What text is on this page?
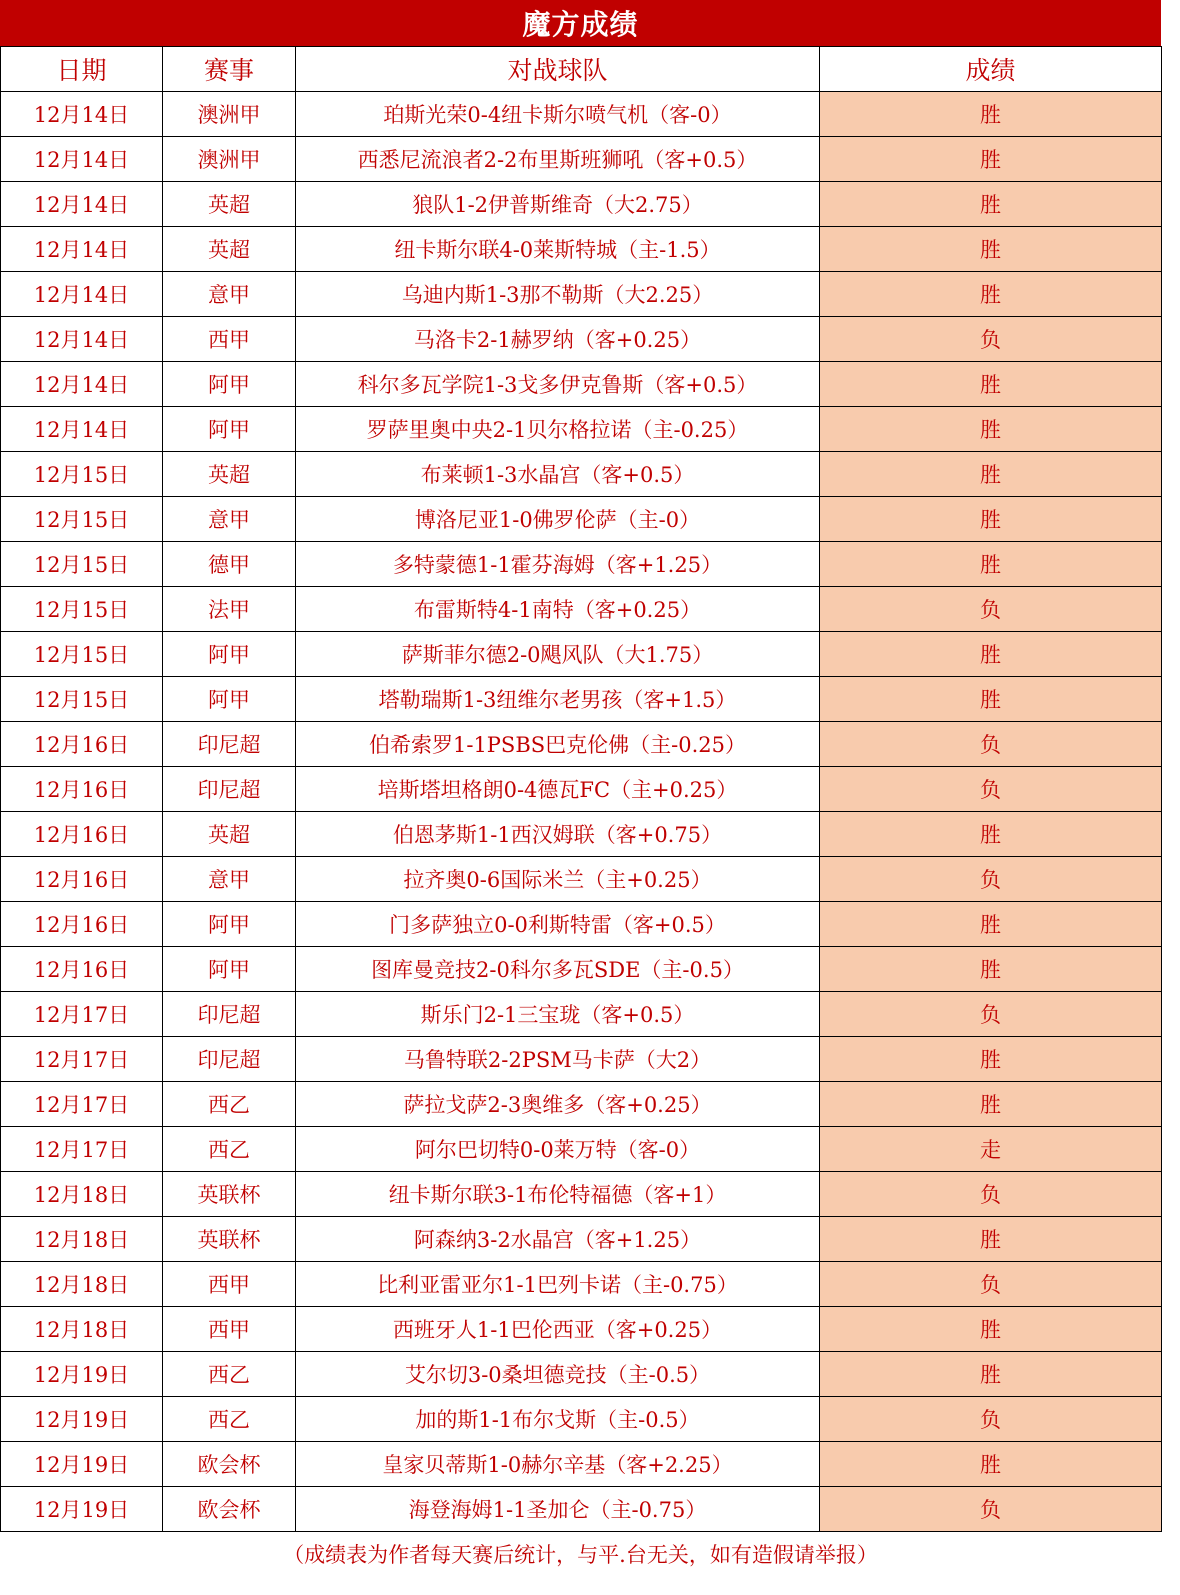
魔方成绩
日期	赛事	对战球队	成绩
12月14日	澳洲甲	珀斯光荣0-4纽卡斯尔喷气机（客-0）	胜
12月14日	澳洲甲	西悉尼流浪者2-2布里斯班狮吼（客+0.5）	胜
12月14日	英超	狼队1-2伊普斯维奇（大2.75）	胜
12月14日	英超	纽卡斯尔联4-0莱斯特城（主-1.5）	胜
12月14日	意甲	乌迪内斯1-3那不勒斯（大2.25）	胜
12月14日	西甲	马洛卡2-1赫罗纳（客+0.25）	负
12月14日	阿甲	科尔多瓦学院1-3戈多伊克鲁斯（客+0.5）	胜
12月14日	阿甲	罗萨里奥中央2-1贝尔格拉诺（主-0.25）	胜
12月15日	英超	布莱顿1-3水晶宫（客+0.5）	胜
12月15日	意甲	博洛尼亚1-0佛罗伦萨（主-0）	胜
12月15日	德甲	多特蒙德1-1霍芬海姆（客+1.25）	胜
12月15日	法甲	布雷斯特4-1南特（客+0.25）	负
12月15日	阿甲	萨斯菲尔德2-0飓风队（大1.75）	胜
12月15日	阿甲	塔勒瑞斯1-3纽维尔老男孩（客+1.5）	胜
12月16日	印尼超	伯希索罗1-1PSBS巴克伦佛（主-0.25）	负
12月16日	印尼超	培斯塔坦格朗0-4德瓦FC（主+0.25）	负
12月16日	英超	伯恩茅斯1-1西汉姆联（客+0.75）	胜
12月16日	意甲	拉齐奥0-6国际米兰（主+0.25）	负
12月16日	阿甲	门多萨独立0-0利斯特雷（客+0.5）	胜
12月16日	阿甲	图库曼竞技2-0科尔多瓦SDE（主-0.5）	胜
12月17日	印尼超	斯乐门2-1三宝珑（客+0.5）	负
12月17日	印尼超	马鲁特联2-2PSM马卡萨（大2）	胜
12月17日	西乙	萨拉戈萨2-3奥维多（客+0.25）	胜
12月17日	西乙	阿尔巴切特0-0莱万特（客-0）	走
12月18日	英联杯	纽卡斯尔联3-1布伦特福德（客+1）	负
12月18日	英联杯	阿森纳3-2水晶宫（客+1.25）	胜
12月18日	西甲	比利亚雷亚尔1-1巴列卡诺（主-0.75）	负
12月18日	西甲	西班牙人1-1巴伦西亚（客+0.25）	胜
12月19日	西乙	艾尔切3-0桑坦德竞技（主-0.5）	胜
12月19日	西乙	加的斯1-1布尔戈斯（主-0.5）	负
12月19日	欧会杯	皇家贝蒂斯1-0赫尔辛基（客+2.25）	胜
12月19日	欧会杯	海登海姆1-1圣加仑（主-0.75）	负
（成绩表为作者每天赛后统计，与平.台无关，如有造假请举报）
